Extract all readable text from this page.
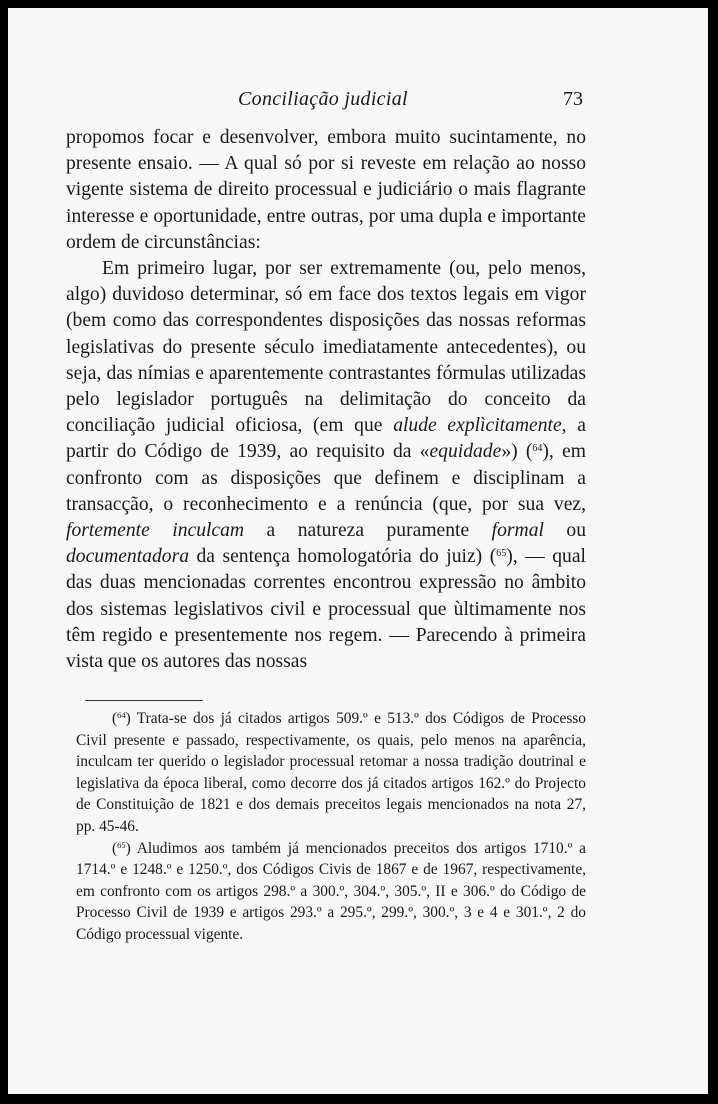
Conciliação judicial	73

propomos focar e desenvolver, embora muito sucintamente, no presente ensaio. — A qual só por si reveste em relação ao nosso vigente sistema de direito processual e judiciário o mais flagrante interesse e oportunidade, entre outras, por uma dupla e importante ordem de circunstâncias:

Em primeiro lugar, por ser extremamente (ou, pelo menos, algo) duvidoso determinar, só em face dos textos legais em vigor (bem como das correspondentes disposições das nossas reformas legislativas do presente século imediatamente antecedentes), ou seja, das nímias e aparentemente contrastantes fórmulas utilizadas pelo legislador português na delimitação do conceito da conciliação judicial oficiosa, (em que alude explìcitamente, a partir do Código de 1939, ao requisito da «equidade») ($^{64}$), em confronto com as disposições que definem e disciplinam a transacção, o reconhecimento e a renúncia (que, por sua vez, fortemente inculcam a natureza puramente formal ou documentadora da sentença homologatória do juiz) ($^{65}$), — qual das duas mencionadas correntes encontrou expressão no âmbito dos sistemas legislativos civil e processual que ùltimamente nos têm regido e presentemente nos regem. — Parecendo à primeira vista que os autores das nossas

($^{64}$) Trata-se dos já citados artigos 509.º e 513.º dos Códigos de Processo Civil presente e passado, respectivamente, os quais, pelo menos na aparência, inculcam ter querido o legislador processual retomar a nossa tradição doutrinal e legislativa da época liberal, como decorre dos já citados artigos 162.º do Projecto de Constituição de 1821 e dos demais preceitos legais mencionados na nota 27, pp. 45-46.

($^{65}$) Aludimos aos também já mencionados preceitos dos artigos 1710.º a 1714.º e 1248.º e 1250.º, dos Códigos Civis de 1867 e de 1967, respectivamente, em confronto com os artigos 298.º a 300.º, 304.º, 305.º, II e 306.º do Código de Processo Civil de 1939 e artigos 293.º a 295.º, 299.º, 300.º, 3 e 4 e 301.º, 2 do Código processual vigente.
